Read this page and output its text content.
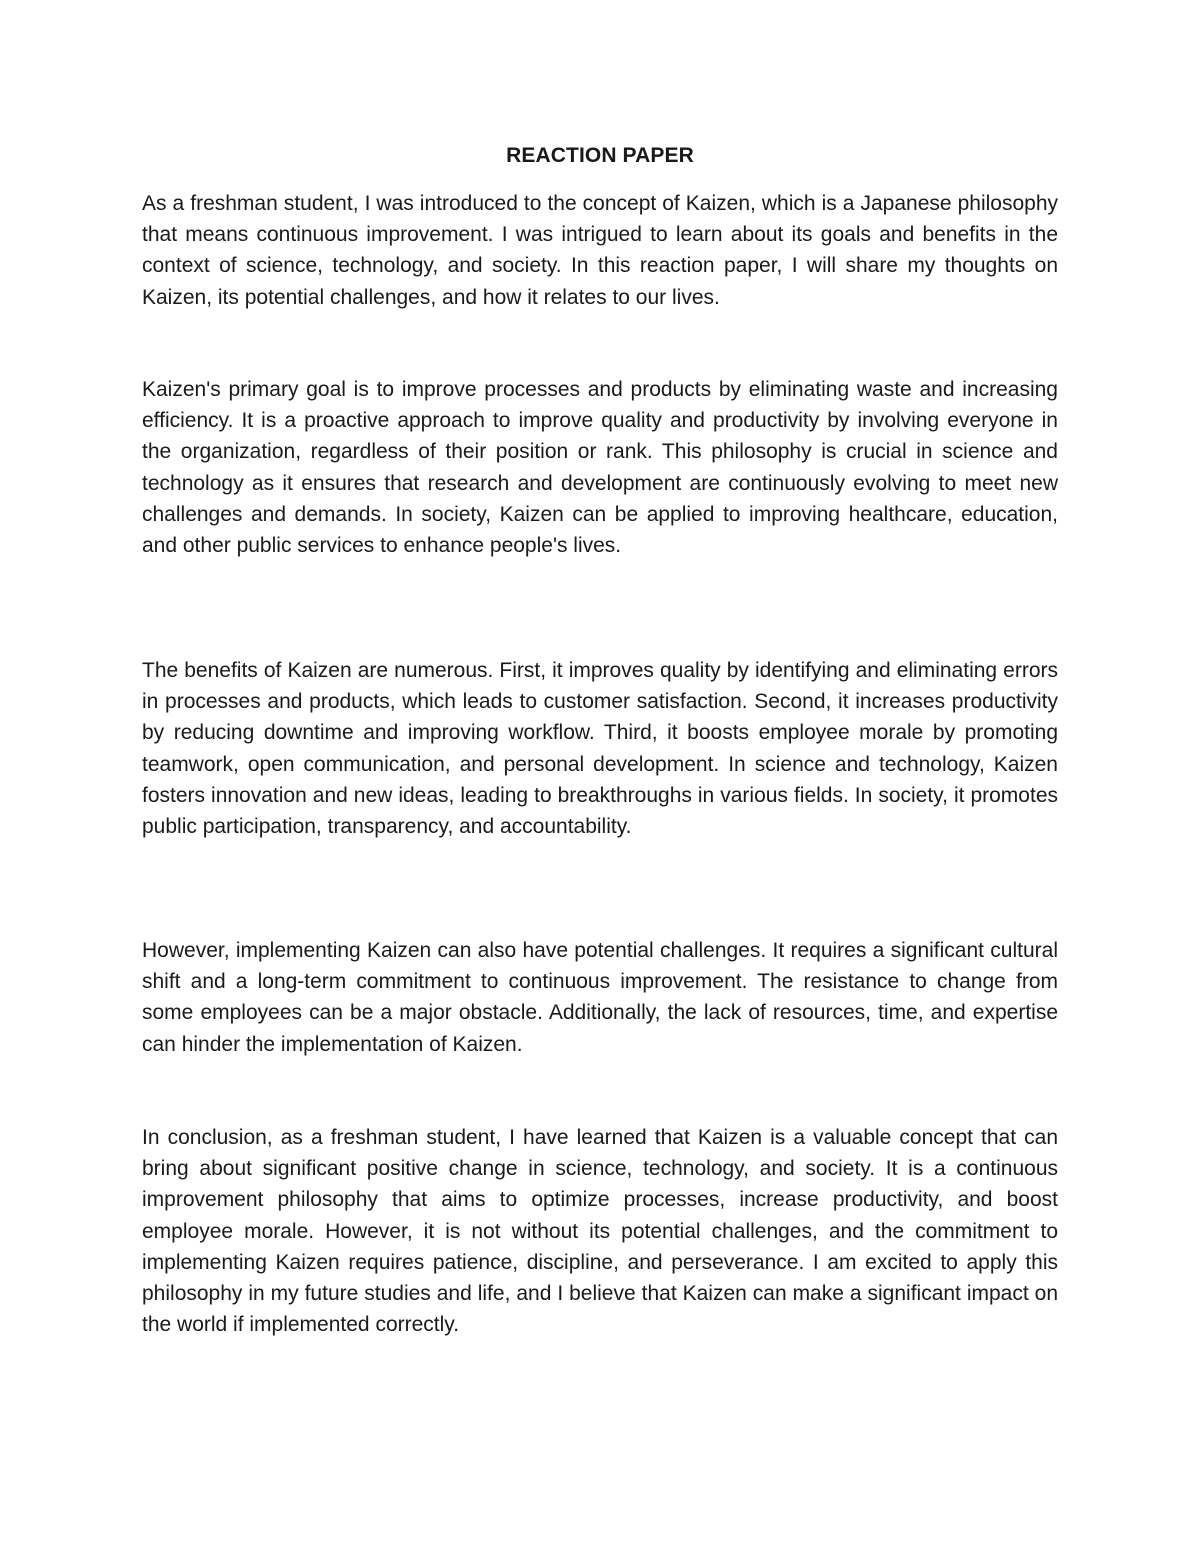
REACTION PAPER

As a freshman student, I was introduced to the concept of Kaizen, which is a Japanese philosophy that means continuous improvement. I was intrigued to learn about its goals and benefits in the context of science, technology, and society. In this reaction paper, I will share my thoughts on Kaizen, its potential challenges, and how it relates to our lives.

Kaizen's primary goal is to improve processes and products by eliminating waste and increasing efficiency. It is a proactive approach to improve quality and productivity by involving everyone in the organization, regardless of their position or rank. This philosophy is crucial in science and technology as it ensures that research and development are continuously evolving to meet new challenges and demands. In society, Kaizen can be applied to improving healthcare, education, and other public services to enhance people's lives.

The benefits of Kaizen are numerous. First, it improves quality by identifying and eliminating errors in processes and products, which leads to customer satisfaction. Second, it increases productivity by reducing downtime and improving workflow. Third, it boosts employee morale by promoting teamwork, open communication, and personal development. In science and technology, Kaizen fosters innovation and new ideas, leading to breakthroughs in various fields. In society, it promotes public participation, transparency, and accountability.

However, implementing Kaizen can also have potential challenges. It requires a significant cultural shift and a long-term commitment to continuous improvement. The resistance to change from some employees can be a major obstacle. Additionally, the lack of resources, time, and expertise can hinder the implementation of Kaizen.

In conclusion, as a freshman student, I have learned that Kaizen is a valuable concept that can bring about significant positive change in science, technology, and society. It is a continuous improvement philosophy that aims to optimize processes, increase productivity, and boost employee morale. However, it is not without its potential challenges, and the commitment to implementing Kaizen requires patience, discipline, and perseverance. I am excited to apply this philosophy in my future studies and life, and I believe that Kaizen can make a significant impact on the world if implemented correctly.
